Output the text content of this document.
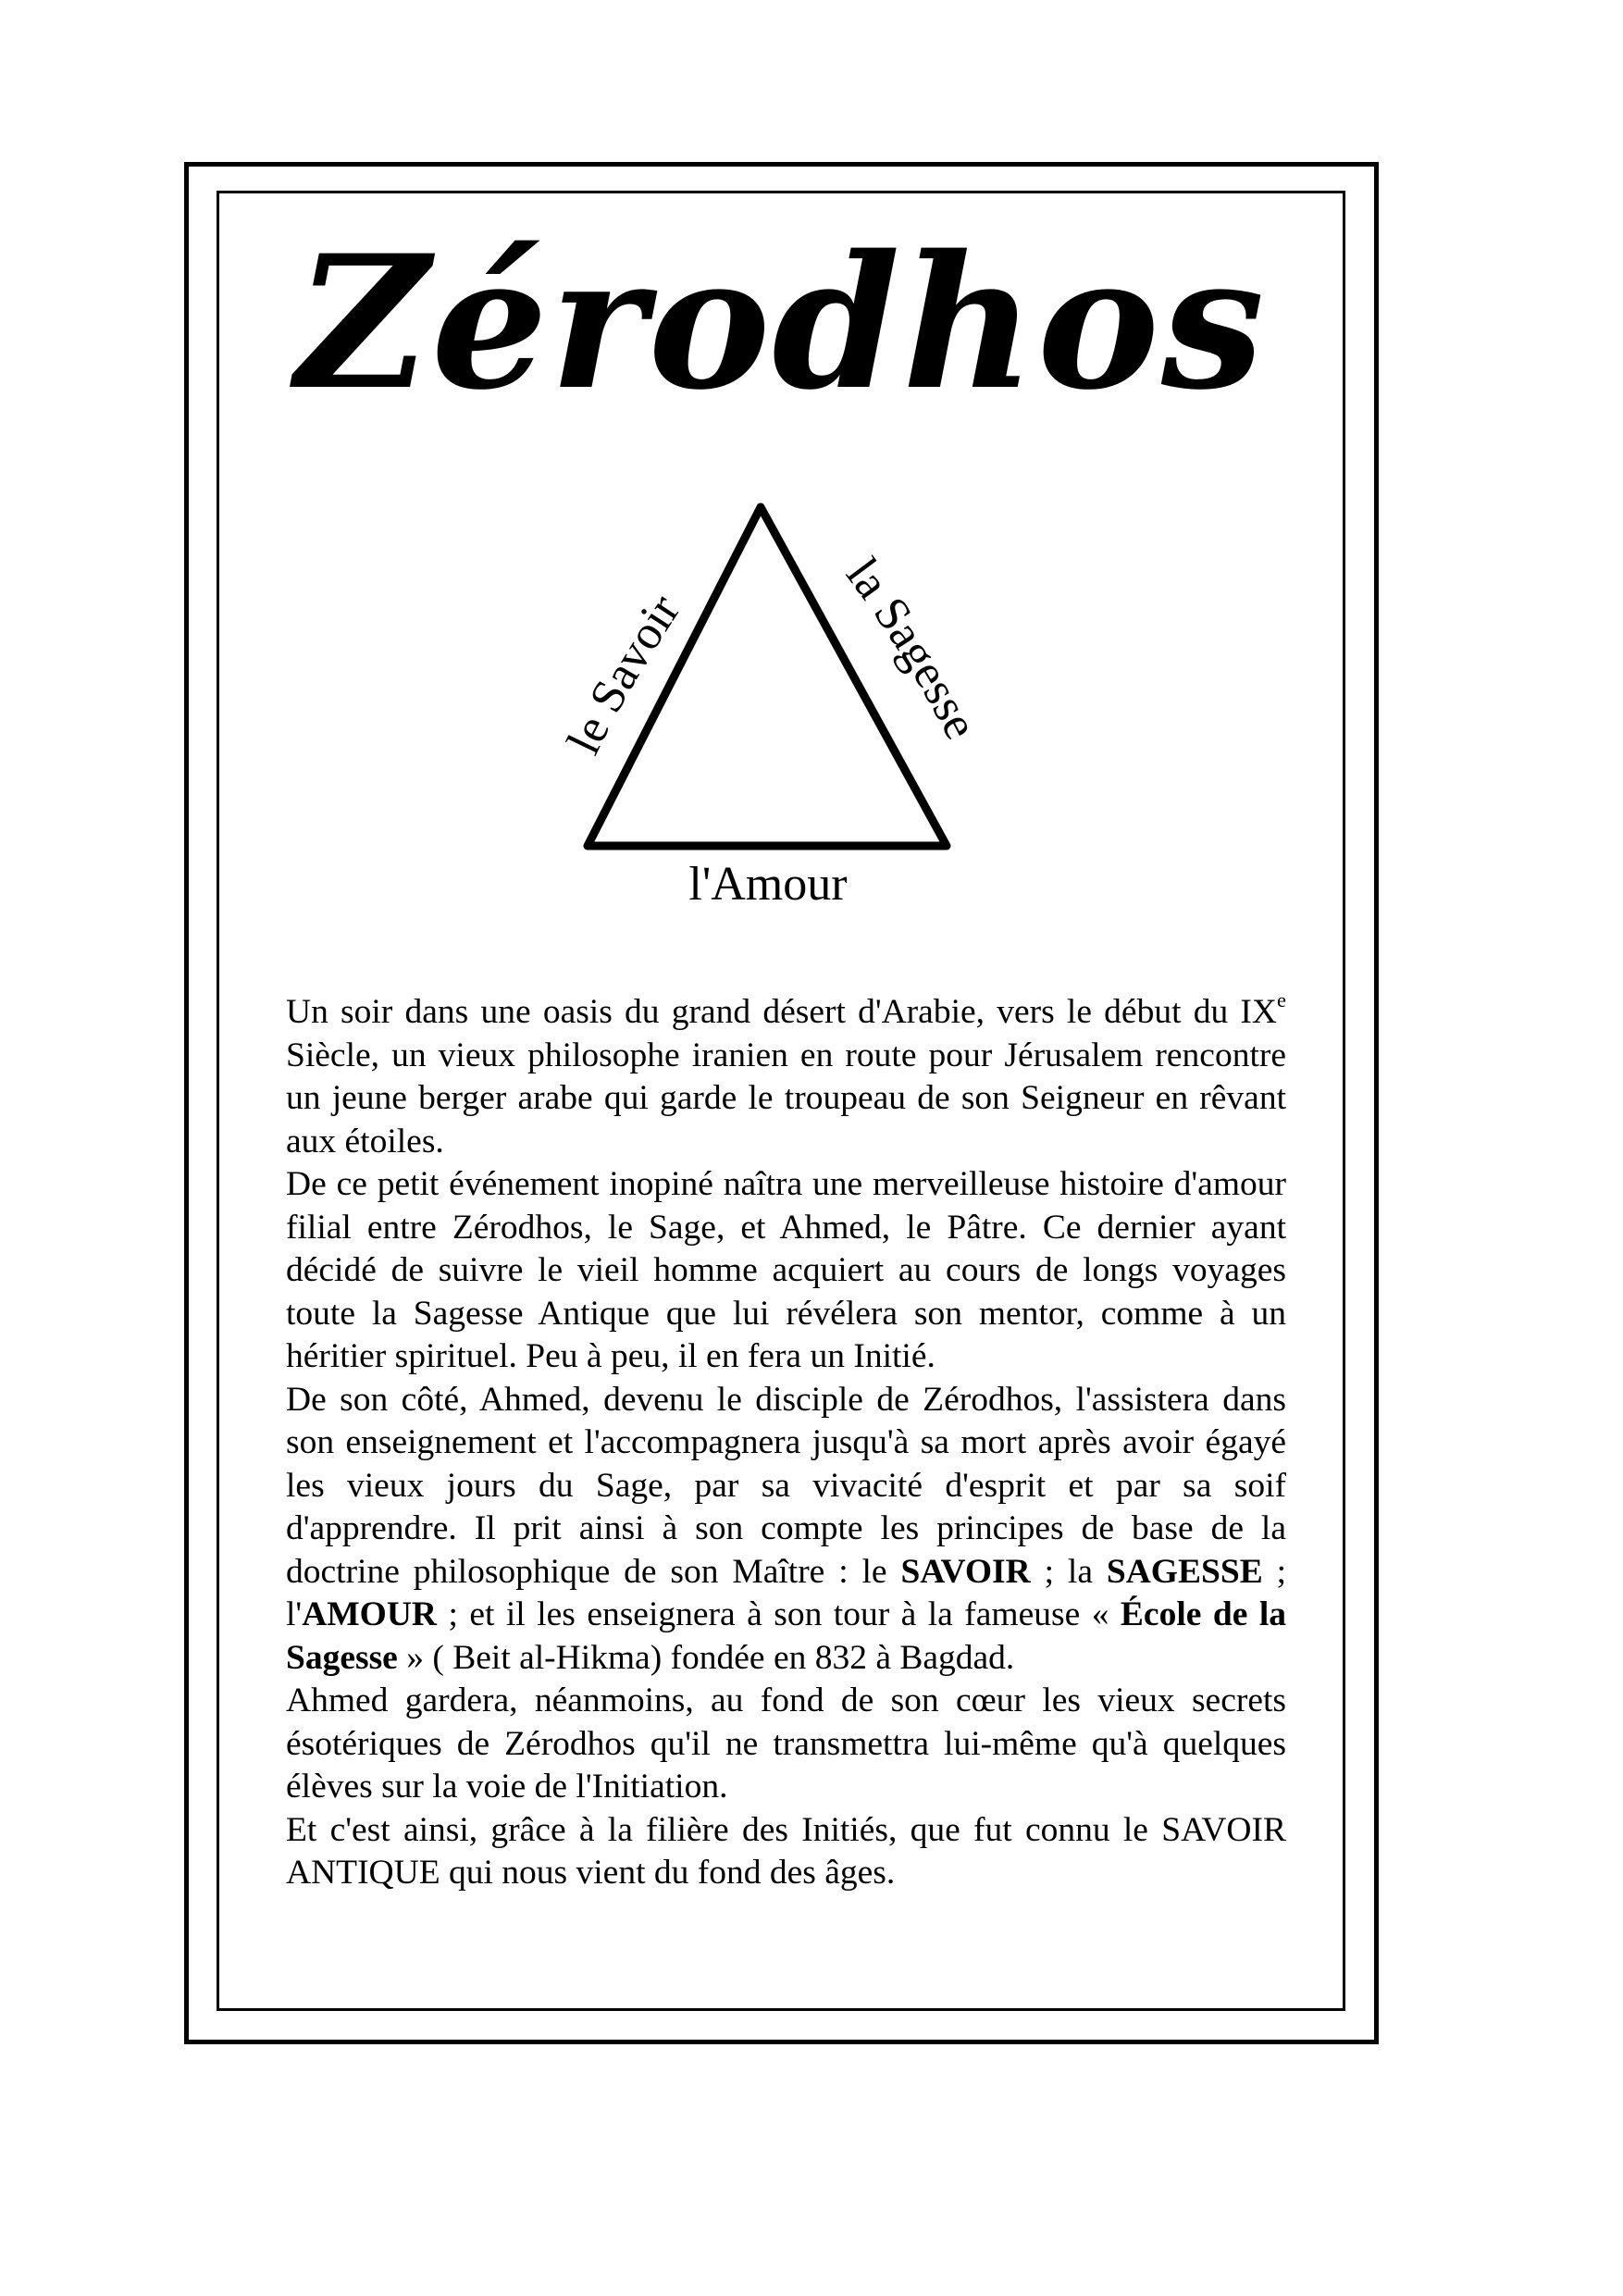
Zérodhos
le Savoir
la Sagesse
l'Amour

Un soir dans une oasis du grand désert d'Arabie, vers le début du IXe Siècle, un vieux philosophe iranien en route pour Jérusalem rencontre un jeune berger arabe qui garde le troupeau de son Seigneur en rêvant aux étoiles.

De ce petit événement inopiné naîtra une merveilleuse histoire d'amour filial entre Zérodhos, le Sage, et Ahmed, le Pâtre. Ce dernier ayant décidé de suivre le vieil homme acquiert au cours de longs voyages toute la Sagesse Antique que lui révélera son mentor, comme à un héritier spirituel. Peu à peu, il en fera un Initié.

De son côté, Ahmed, devenu le disciple de Zérodhos, l'assistera dans son enseignement et l'accompagnera jusqu'à sa mort après avoir égayé les vieux jours du Sage, par sa vivacité d'esprit et par sa soif d'apprendre. Il prit ainsi à son compte les principes de base de la doctrine philosophique de son Maître : le SAVOIR ; la SAGESSE ; l'AMOUR ; et il les enseignera à son tour à la fameuse « École de la Sagesse » ( Beit al-Hikma) fondée en 832 à Bagdad.

Ahmed gardera, néanmoins, au fond de son cœur les vieux secrets ésotériques de Zérodhos qu'il ne transmettra lui-même qu'à quelques élèves sur la voie de l'Initiation.

Et c'est ainsi, grâce à la filière des Initiés, que fut connu le SAVOIR ANTIQUE qui nous vient du fond des âges.
